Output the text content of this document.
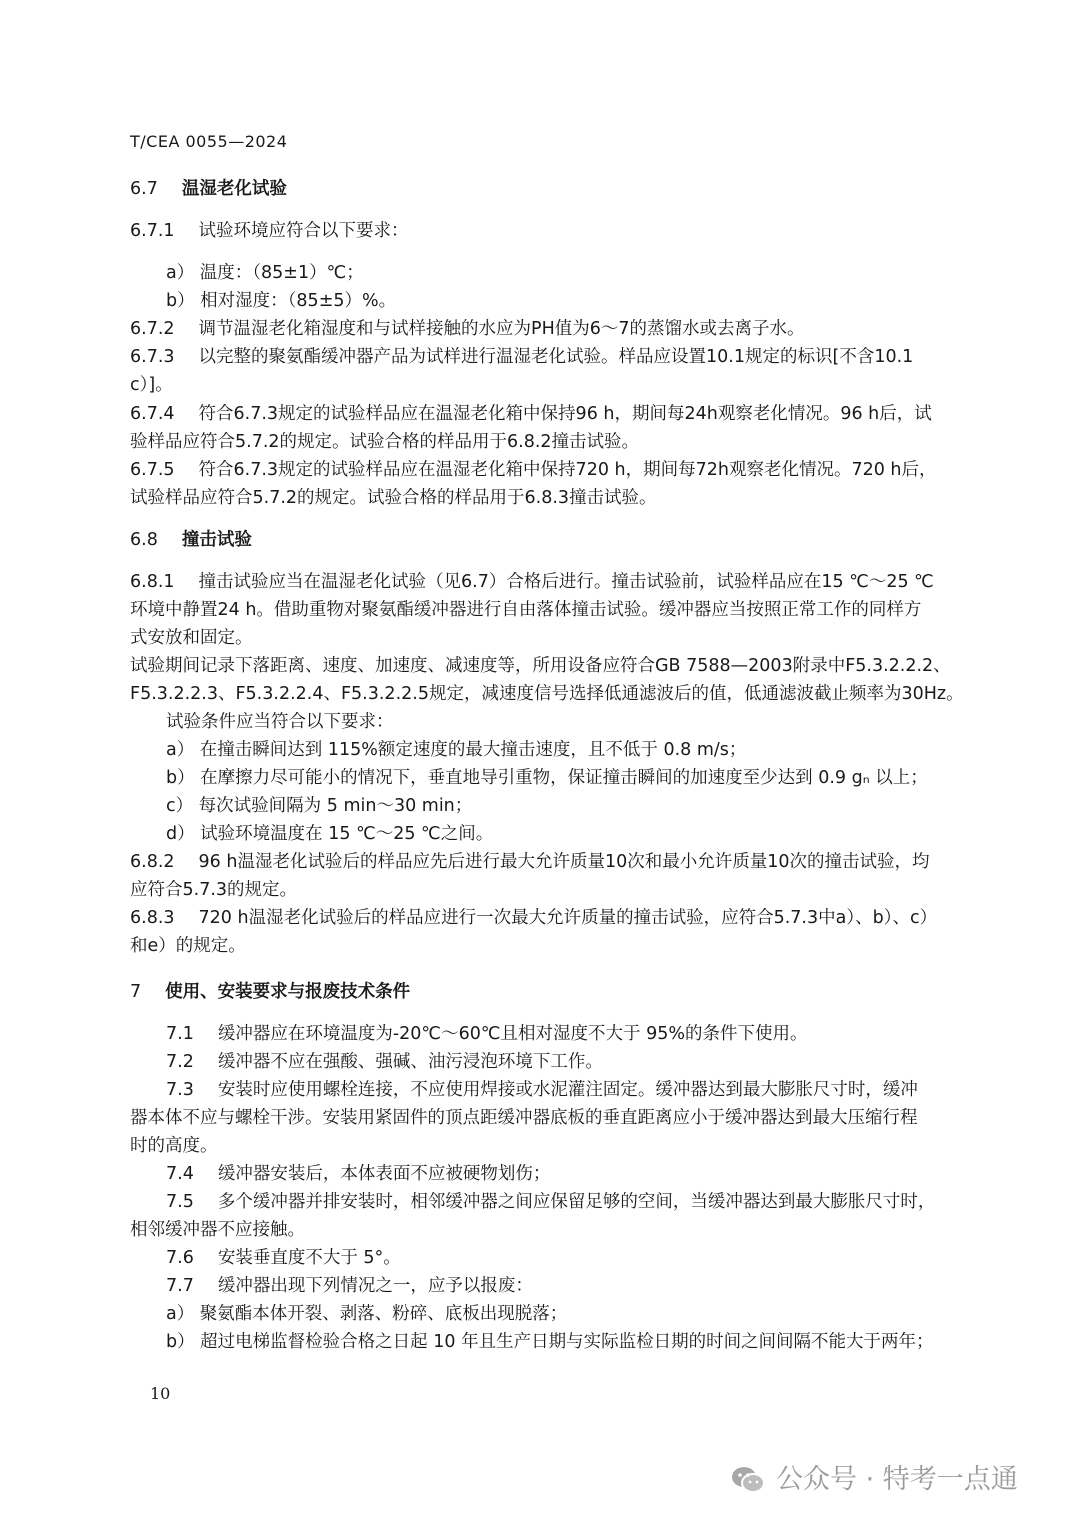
T/CEA 0055—2024
6.7 温湿老化试验
6.7.1 试验环境应符合以下要求：
a） 温度：（85±1）℃；
b） 相对湿度：（85±5）%。
6.7.2 调节温湿老化箱湿度和与试样接触的水应为PH值为6～7的蒸馏水或去离子水。
6.7.3 以完整的聚氨酯缓冲器产品为试样进行温湿老化试验。样品应设置10.1规定的标识[不含10.1
c）]。
6.7.4 符合6.7.3规定的试验样品应在温湿老化箱中保持96 h，期间每24h观察老化情况。96 h后，试
验样品应符合5.7.2的规定。试验合格的样品用于6.8.2撞击试验。
6.7.5 符合6.7.3规定的试验样品应在温湿老化箱中保持720 h，期间每72h观察老化情况。720 h后，
试验样品应符合5.7.2的规定。试验合格的样品用于6.8.3撞击试验。
6.8 撞击试验
6.8.1 撞击试验应当在温湿老化试验（见6.7）合格后进行。撞击试验前，试验样品应在15 ℃～25 ℃
环境中静置24 h。借助重物对聚氨酯缓冲器进行自由落体撞击试验。缓冲器应当按照正常工作的同样方
式安放和固定。
试验期间记录下落距离、速度、加速度、减速度等，所用设备应符合GB 7588—2003附录中F5.3.2.2.2、
F5.3.2.2.3、F5.3.2.2.4、F5.3.2.2.5规定，减速度信号选择低通滤波后的值，低通滤波截止频率为30Hz。
试验条件应当符合以下要求：
a） 在撞击瞬间达到 115%额定速度的最大撞击速度，且不低于 0.8 m/s；
b） 在摩擦力尽可能小的情况下，垂直地导引重物，保证撞击瞬间的加速度至少达到 0.9 gₙ 以上；
c） 每次试验间隔为 5 min～30 min；
d） 试验环境温度在 15 ℃～25 ℃之间。
6.8.2 96 h温湿老化试验后的样品应先后进行最大允许质量10次和最小允许质量10次的撞击试验，均
应符合5.7.3的规定。
6.8.3 720 h温湿老化试验后的样品应进行一次最大允许质量的撞击试验，应符合5.7.3中a）、b）、c）
和e）的规定。
7 使用、安装要求与报废技术条件
7.1 缓冲器应在环境温度为-20℃～60℃且相对湿度不大于 95%的条件下使用。
7.2 缓冲器不应在强酸、强碱、油污浸泡环境下工作。
7.3 安装时应使用螺栓连接，不应使用焊接或水泥灌注固定。缓冲器达到最大膨胀尺寸时，缓冲
器本体不应与螺栓干涉。安装用紧固件的顶点距缓冲器底板的垂直距离应小于缓冲器达到最大压缩行程
时的高度。
7.4 缓冲器安装后，本体表面不应被硬物划伤；
7.5 多个缓冲器并排安装时，相邻缓冲器之间应保留足够的空间，当缓冲器达到最大膨胀尺寸时，
相邻缓冲器不应接触。
7.6 安装垂直度不大于 5°。
7.7 缓冲器出现下列情况之一，应予以报废：
a） 聚氨酯本体开裂、剥落、粉碎、底板出现脱落；
b） 超过电梯监督检验合格之日起 10 年且生产日期与实际监检日期的时间之间间隔不能大于两年；
10
公众号 · 特考一点通
